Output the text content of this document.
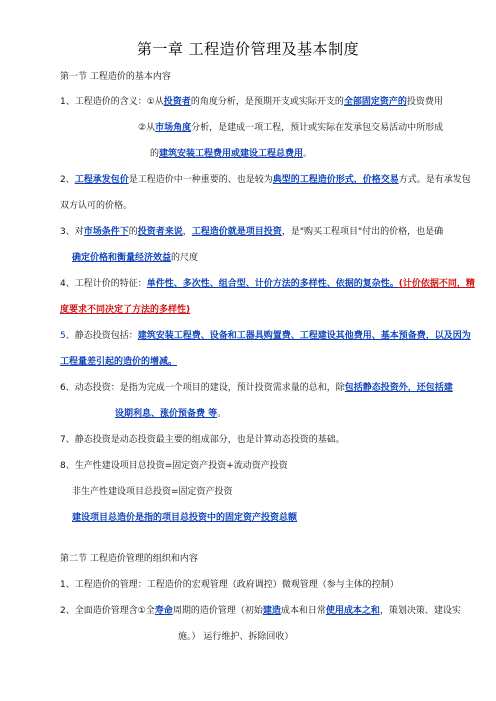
第一章 工程造价管理及基本制度
第一节 工程造价的基本内容
1、工程造价的含义：①从投资者的角度分析，是预期开支或实际开支的全部固定资产的投资费用
②从市场角度分析，是建成一项工程，预计或实际在发承包交易活动中所形成
的建筑安装工程费用或建设工程总费用。
2、工程承发包价是工程造价中一种重要的、也是较为典型的工程造价形式，价格交易方式。是有承发包
双方认可的价格。
3、对市场条件下的投资者来说，工程造价就是项目投资，是"购买工程项目"付出的价格，也是确
确定价格和衡量经济效益的尺度
4、工程计价的特征：单件性、多次性、组合型、计价方法的多样性、依据的复杂性。(计价依据不同，精
度要求不同决定了方法的多样性)
5、静态投资包括：建筑安装工程费、设备和工器具购置费、工程建设其他费用、基本预备费，以及因为
工程量差引起的造价的增减。
6、动态投资：是指为完成一个项目的建设，预计投资需求量的总和，除包括静态投资外，还包括建
设期利息、涨价预备费 等。
7、静态投资是动态投资最主要的组成部分，也是计算动态投资的基础。
8、生产性建设项目总投资=固定资产投资+流动资产投资
非生产性建设项目总投资=固定资产投资
建设项目总造价是指的项目总投资中的固定资产投资总额
第二节 工程造价管理的组织和内容
1、工程造价的管理：工程造价的宏观管理（政府调控）微观管理（参与主体的控制）
2、全面造价管理含①全寿命周期的造价管理（初始建造成本和日常使用成本之和，策划决策、建设实
施。） 运行维护、拆除回收）
